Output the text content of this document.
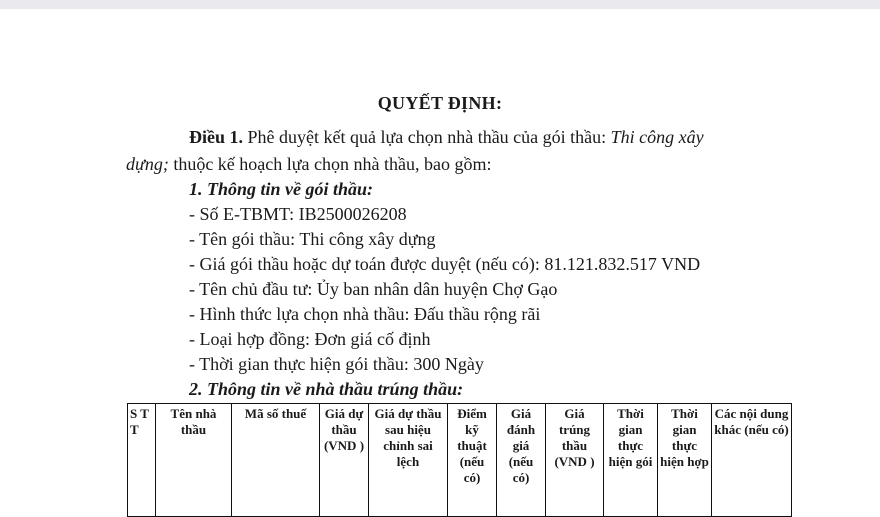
QUYẾT ĐỊNH:
Điều 1. Phê duyệt kết quả lựa chọn nhà thầu của gói thầu: Thi công xây
dựng; thuộc kế hoạch lựa chọn nhà thầu, bao gồm:
1. Thông tin về gói thầu:
- Số E-TBMT: IB2500026208
- Tên gói thầu: Thi công xây dựng
- Giá gói thầu hoặc dự toán được duyệt (nếu có): 81.121.832.517 VND
- Tên chủ đầu tư: Ủy ban nhân dân huyện Chợ Gạo
- Hình thức lựa chọn nhà thầu: Đấu thầu rộng rãi
- Loại hợp đồng: Đơn giá cố định
- Thời gian thực hiện gói thầu: 300 Ngày
2. Thông tin về nhà thầu trúng thầu:
S T T	Tên nhà thầu	Mã số thuế	Giá dự thầu (VND )	Giá dự thầu sau hiệu chỉnh sai lệch	Điểm kỹ thuật (nếu có)	Giá đánh giá (nếu có)	Giá trúng thầu (VND )	Thời gian thực hiện gói	Thời gian thực hiện hợp	Các nội dung khác (nếu có)
